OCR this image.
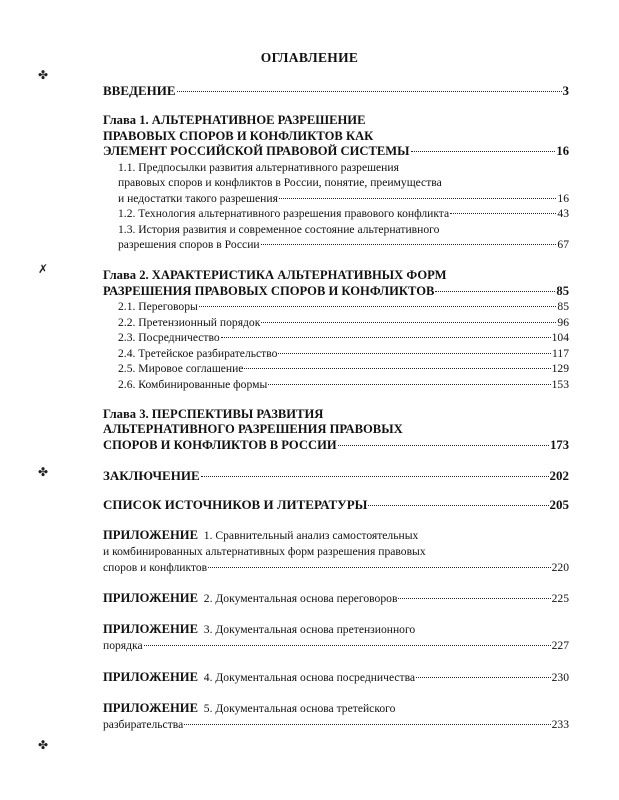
✤
✗
✤
✤
ОГЛАВЛЕНИЕ
ВВЕДЕНИЕ	3
Глава 1. АЛЬТЕРНАТИВНОЕ РАЗРЕШЕНИЕ
ПРАВОВЫХ СПОРОВ И КОНФЛИКТОВ КАК
ЭЛЕМЕНТ РОССИЙСКОЙ ПРАВОВОЙ СИСТЕМЫ	16
1.1. Предпосылки развития альтернативного разрешения
правовых споров и конфликтов в России, понятие, преимущества
и недостатки такого разрешения	16
1.2. Технология альтернативного разрешения правового конфликта	43
1.3. История развития и современное состояние альтернативного
разрешения споров в России	67
Глава 2. ХАРАКТЕРИСТИКА АЛЬТЕРНАТИВНЫХ ФОРМ
РАЗРЕШЕНИЯ ПРАВОВЫХ СПОРОВ И КОНФЛИКТОВ	85
2.1. Переговоры	85
2.2. Претензионный порядок	96
2.3. Посредничество	104
2.4. Третейское разбирательство	117
2.5. Мировое соглашение	129
2.6. Комбинированные формы	153
Глава 3. ПЕРСПЕКТИВЫ РАЗВИТИЯ
АЛЬТЕРНАТИВНОГО РАЗРЕШЕНИЯ ПРАВОВЫХ
СПОРОВ И КОНФЛИКТОВ В РОССИИ	173
ЗАКЛЮЧЕНИЕ	202
СПИСОК ИСТОЧНИКОВ И ЛИТЕРАТУРЫ	205
ПРИЛОЖЕНИЕ 1. Сравнительный анализ самостоятельных
и комбинированных альтернативных форм разрешения правовых
споров и конфликтов	220
ПРИЛОЖЕНИЕ 2. Документальная основа переговоров	225
ПРИЛОЖЕНИЕ 3. Документальная основа претензионного
порядка	227
ПРИЛОЖЕНИЕ 4. Документальная основа посредничества	230
ПРИЛОЖЕНИЕ 5. Документальная основа третейского
разбирательства	233
